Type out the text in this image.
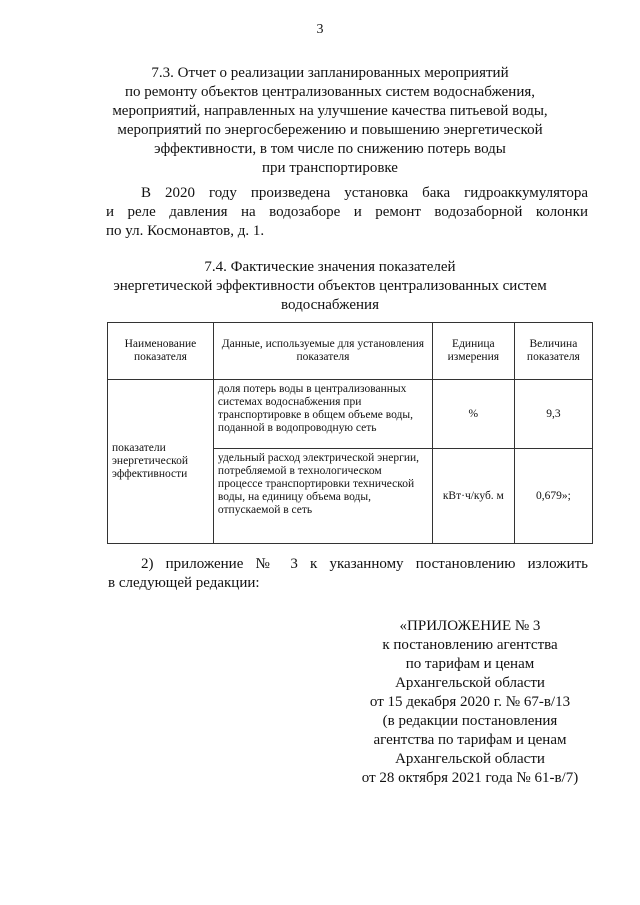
3
7.3. Отчет о реализации запланированных мероприятий
по ремонту объектов централизованных систем водоснабжения,
мероприятий, направленных на улучшение качества питьевой воды,
мероприятий по энергосбережению и повышению энергетической
эффективности, в том числе по снижению потерь воды
при транспортировке
В 2020 году произведена установка бака гидроаккумулятора
и реле давления на водозаборе и ремонт водозаборной колонки
по ул. Космонавтов, д. 1.
7.4. Фактические значения показателей
энергетической эффективности объектов централизованных систем
водоснабжения
Наименование показателя	Данные, используемые для установления показателя	Единица измерения	Величина показателя
показатели энергетической эффективности	доля потерь воды в централизованных системах водоснабжения при транспортировке в общем объеме воды, поданной в водопроводную сеть	%	9,3
	удельный расход электрической энергии, потребляемой в технологическом процессе транспортировки технической воды, на единицу объема воды, отпускаемой в сеть	кВт·ч/куб. м	0,679»;
2) приложение № 3 к указанному постановлению изложить
в следующей редакции:
«ПРИЛОЖЕНИЕ № 3
к постановлению агентства
по тарифам и ценам
Архангельской области
от 15 декабря 2020 г. № 67-в/13
(в редакции постановления
агентства по тарифам и ценам
Архангельской области
от 28 октября 2021 года № 61-в/7)
